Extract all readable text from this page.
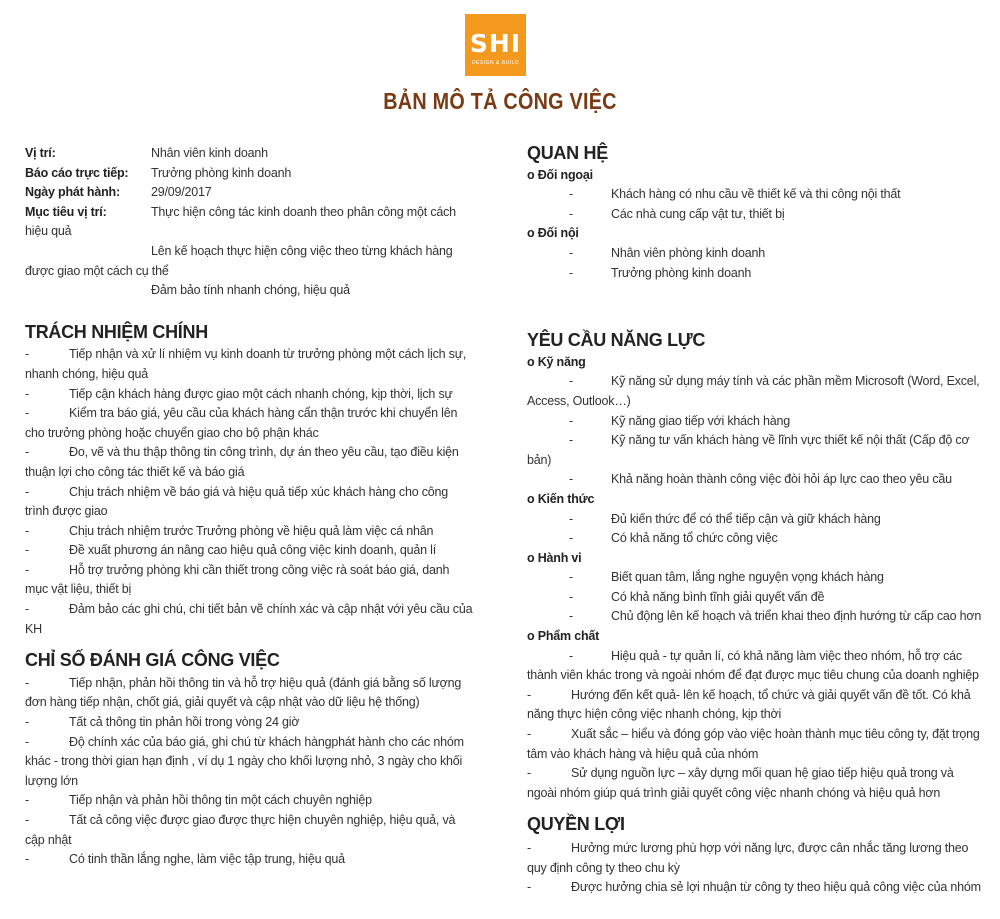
SHI
DESIGN & BUILD
BẢN MÔ TẢ CÔNG VIỆC
Vị trí:	Nhân viên kinh doanh
Báo cáo trực tiếp:	Trưởng phòng kinh doanh
Ngày phát hành:	29/09/2017
Mục tiêu vị trí:	Thực hiện công tác kinh doanh theo phân công một cách hiệu quả
Lên kế hoạch thực hiện công việc theo từng khách hàng được giao một cách cụ thể
Đảm bảo tính nhanh chóng, hiệu quả
TRÁCH NHIỆM CHÍNH
-	Tiếp nhận và xử lí nhiệm vụ kinh doanh từ trưởng phòng một cách lịch sự, nhanh chóng, hiệu quả
-	Tiếp cận khách hàng được giao một cách nhanh chóng, kịp thời, lịch sự
-	Kiểm tra báo giá, yêu cầu của khách hàng cẩn thận trước khi chuyển lên cho trưởng phòng hoặc chuyển giao cho bộ phận khác
-	Đo, vẽ và thu thập thông tin công trình, dự án theo yêu cầu, tạo điều kiện thuận lợi cho công tác thiết kế và báo giá
-	Chịu trách nhiệm về báo giá và hiệu quả tiếp xúc khách hàng cho công trình được giao
-	Chịu trách nhiệm trước Trưởng phòng về hiệu quả làm việc cá nhân
-	Đề xuất phương án nâng cao hiệu quả công việc kinh doanh, quản lí
-	Hỗ trợ trưởng phòng khi cần thiết trong công việc rà soát báo giá, danh mục vật liệu, thiết bị
-	Đảm bảo các ghi chú, chi tiết bản vẽ chính xác và cập nhật với yêu cầu của KH
CHỈ SỐ ĐÁNH GIÁ CÔNG VIỆC
-	Tiếp nhận, phản hồi thông tin và hỗ trợ hiệu quả (đánh giá bằng số lượng đơn hàng tiếp nhận, chốt giá, giải quyết và cập nhật vào dữ liệu hệ thống)
-	Tất cả thông tin phản hồi trong vòng 24 giờ
-	Độ chính xác của báo giá, ghi chú từ khách hàngphát hành cho các nhóm khác - trong thời gian hạn định , ví dụ 1 ngày cho khối lượng nhỏ, 3 ngày cho khối lượng lớn
-	Tiếp nhận và phản hồi thông tin một cách chuyên nghiệp
-	Tất cả công việc được giao được thực hiện chuyên nghiệp, hiệu quả, và cập nhật
-	Có tinh thần lắng nghe, làm việc tập trung, hiệu quả
QUAN HỆ
o Đối ngoại
-	Khách hàng có nhu cầu về thiết kế và thi công nội thất
-	Các nhà cung cấp vật tư, thiết bị
o Đối nội
-	Nhân viên phòng kinh doanh
-	Trưởng phòng kinh doanh
YÊU CẦU NĂNG LỰC
o Kỹ năng
-	Kỹ năng sử dụng máy tính và các phần mềm Microsoft (Word, Excel, Access, Outlook…)
-	Kỹ năng giao tiếp với khách hàng
-	Kỹ năng tư vấn khách hàng về lĩnh vực thiết kế nội thất (Cấp độ cơ bản)
-	Khả năng hoàn thành công việc đòi hỏi áp lực cao theo yêu cầu
o Kiến thức
-	Đủ kiến thức để có thể tiếp cận và giữ khách hàng
-	Có khả năng tổ chức công việc
o Hành vi
-	Biết quan tâm, lắng nghe nguyện vọng khách hàng
-	Có khả năng bình tĩnh giải quyết vấn đề
-	Chủ động lên kế hoạch và triển khai theo định hướng từ cấp cao hơn
o Phẩm chất
-	Hiệu quả - tự quản lí, có khả năng làm việc theo nhóm, hỗ trợ các thành viên khác trong và ngoài nhóm để đạt được mục tiêu chung của doanh nghiệp
-	Hướng đến kết quả- lên kế hoạch, tổ chức và giải quyết vấn đề tốt. Có khả năng thực hiện công việc nhanh chóng, kịp thời
-	Xuất sắc – hiểu và đóng góp vào việc hoàn thành mục tiêu công ty, đặt trọng tâm vào khách hàng và hiệu quả của nhóm
-	Sử dụng nguồn lực – xây dựng mối quan hệ giao tiếp hiệu quả trong và ngoài nhóm giúp quá trình giải quyết công việc nhanh chóng và hiệu quả hơn
QUYỀN LỢI
-	Hưởng mức lương phù hợp với năng lực, được cân nhắc tăng lương theo quy định công ty theo chu kỳ
-	Được hưởng chia sẻ lợi nhuận từ công ty theo hiệu quả công việc của nhóm
